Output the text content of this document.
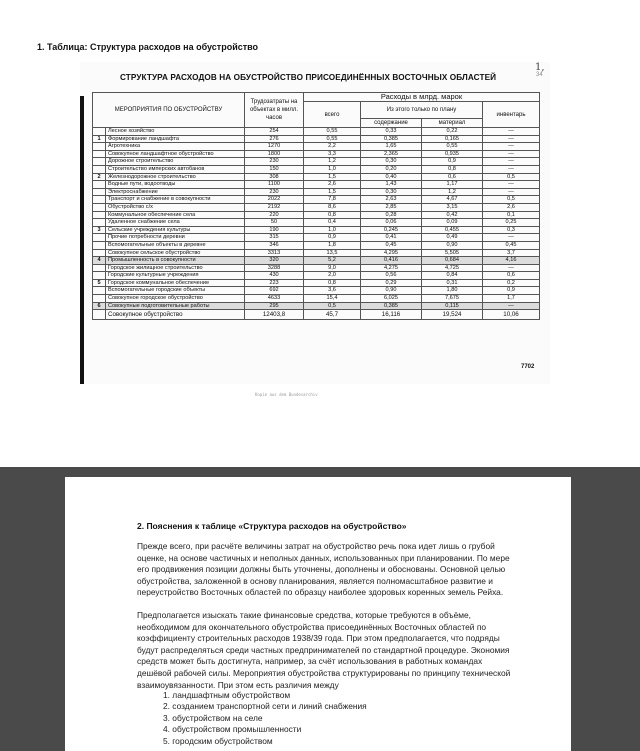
1. Таблица: Структура расходов на обустройство
1,
34
СТРУКТУРА РАСХОДОВ НА ОБУСТРОЙСТВО ПРИСОЕДИНЁННЫХ ВОСТОЧНЫХ ОБЛАСТЕЙ
МЕРОПРИЯТИЯ ПО ОБУСТРОЙСТВУ		Трудозатраты на объектах в милл. часов	Расходы в млрд. марок			
			всего	Из этого только по плану		инвентарь
				содержание	материал	
	Лесное хозяйство	254	0,55	0,33	0,22	—
1	Формирование ландшафта	276	0,55	0,385	0,165	—
	Агротехника	1270	2,2	1,65	0,55	—
	Совокупное ландшафтное обустройство	1800	3,3	2,365	0,935	—
	Дорожное строительство	230	1,2	0,30	0,9	—
	Строительство имперских автобанов	150	1,0	0,20	0,8	—
2	Железнодорожное строительство	308	1,5	0,40	0,6	0,5
	Водные пути, водоотводы	1100	2,6	1,43	1,17	—
	Электроснабжение	230	1,5	0,30	1,2	—
	Транспорт и снабжение в совокупности	2022	7,8	2,63	4,67	0,5
	Обустройство с/х	2192	8,6	2,85	3,15	2,6
	Коммунальное обеспечение села	220	0,8	0,28	0,42	0,1
	Удаленное снабжение села	50	0,4	0,06	0,09	0,25
3	Сельские учреждения культуры	190	1,0	0,245	0,455	0,3
	Прочие потребности деревни	315	0,9	0,41	0,49	—
	Вспомогательные объекты в деревне	346	1,8	0,45	0,90	0,45
	Совокупное сельское обустройство	3313	13,5	4,295	5,505	3,7
4	Промышленность в совокупности	320	5,2	0,416	0,684	4,16
	Городское жилищное строительство	3288	9,0	4,275	4,725	—
	Городские культурные учреждения	430	2,0	0,56	0,84	0,6
5	Городское коммунальное обеспечение	223	0,8	0,29	0,31	0,2
	Вспомогательные городские объекты	692	3,6	0,90	1,80	0,9
	Совокупное городское обустройство	4633	15,4	6,025	7,675	1,7
6	Совокупные подготовительные работы	295	0,5	0,385	0,115	—
	Совокупное обустройство	12403,8	45,7	16,116	19,524	10,06
7702
Kopie aus dem Bundesarchiv
2. Пояснения к таблице «Структура расходов на обустройство»

Прежде всего, при расчёте величины затрат на обустройство речь пока идет лишь о грубой оценке, на основе частичных и неполных данных, использованных при планировании. По мере его продвижения позиции должны быть уточнены, дополнены и обоснованы. Основной целью обустройства, заложенной в основу планирования, является полномасштабное развитие и переустройство Восточных областей по образцу наиболее здоровых коренных земель Рейха.

Предполагается изыскать такие финансовые средства, которые требуются в объёме, необходимом для окончательного обустройства присоединённых Восточных областей по коэффициенту строительных расходов 1938/39 года. При этом предполагается, что подряды будут распределяться среди частных предпринимателей по стандартной процедуре. Экономия средств может быть достигнута, например, за счёт использования в работных командах дешёвой рабочей силы. Мероприятия обустройства структурированы по принципу технической взаимоувязанности. При этом есть различия между

1. ландшафтным обустройством
2. созданием транспортной сети и линий снабжения
3. обустройством на селе
4. обустройством промышленности
5. городским обустройством
